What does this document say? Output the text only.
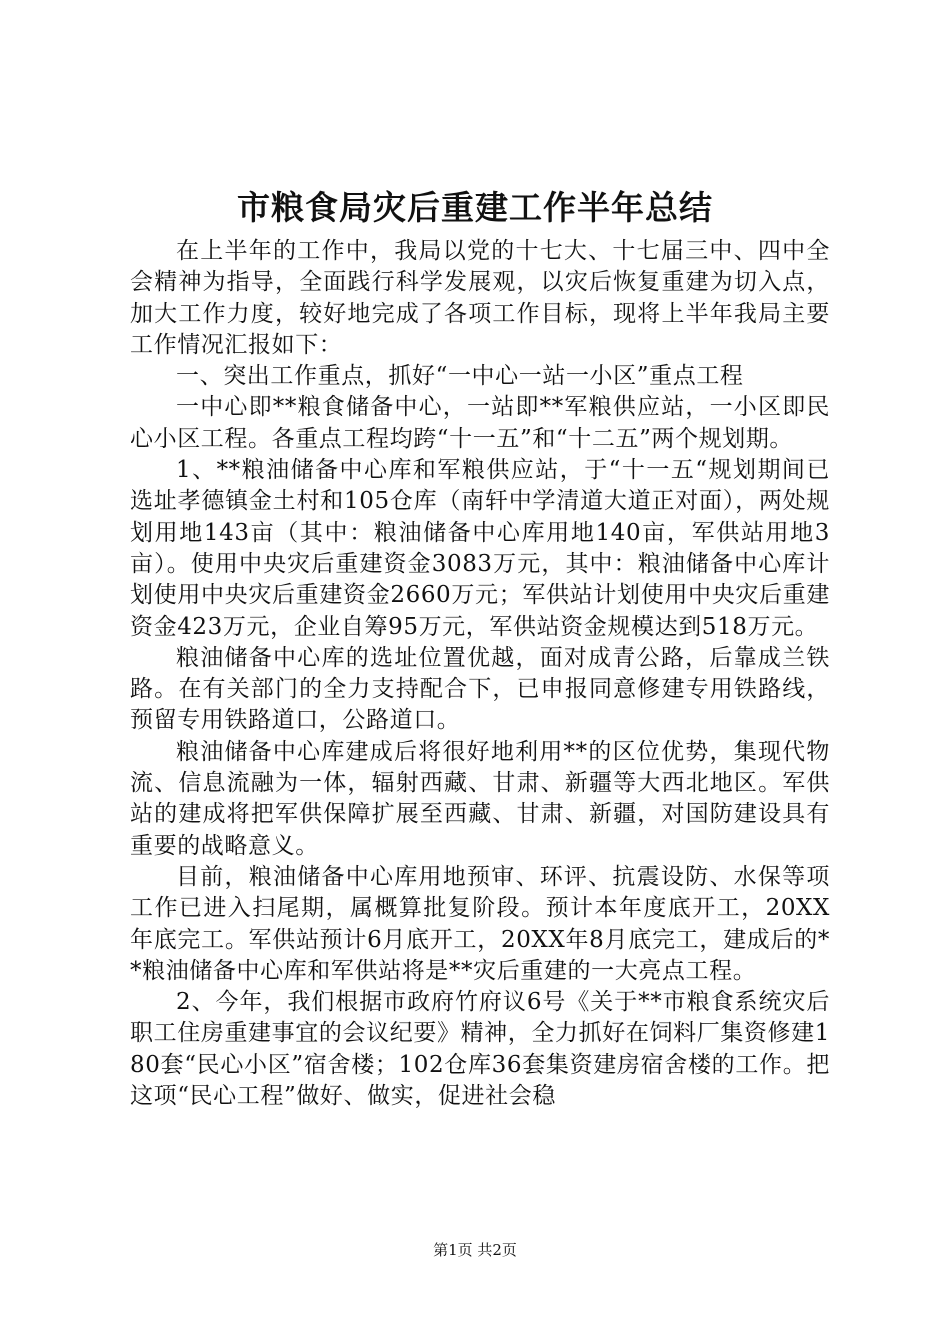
市粮食局灾后重建工作半年总结

在上半年的工作中，我局以党的十七大、十七届三中、四中全会精神为指导，全面践行科学发展观，以灾后恢复重建为切入点，加大工作力度，较好地完成了各项工作目标，现将上半年我局主要工作情况汇报如下：

一、突出工作重点，抓好“一中心一站一小区”重点工程

一中心即**粮食储备中心，一站即**军粮供应站，一小区即民心小区工程。各重点工程均跨“十一五”和“十二五”两个规划期。

1、**粮油储备中心库和军粮供应站，于“十一五“规划期间已选址孝德镇金土村和105仓库（南轩中学清道大道正对面），两处规划用地143亩（其中：粮油储备中心库用地140亩，军供站用地3亩）。使用中央灾后重建资金3083万元，其中：粮油储备中心库计划使用中央灾后重建资金2660万元；军供站计划使用中央灾后重建资金423万元，企业自筹95万元，军供站资金规模达到518万元。

粮油储备中心库的选址位置优越，面对成青公路，后靠成兰铁路。在有关部门的全力支持配合下，已申报同意修建专用铁路线，预留专用铁路道口，公路道口。

粮油储备中心库建成后将很好地利用**的区位优势，集现代物流、信息流融为一体，辐射西藏、甘肃、新疆等大西北地区。军供站的建成将把军供保障扩展至西藏、甘肃、新疆，对国防建设具有重要的战略意义。

目前，粮油储备中心库用地预审、环评、抗震设防、水保等项工作已进入扫尾期，属概算批复阶段。预计本年度底开工，20XX年底完工。军供站预计6月底开工，20XX年8月底完工，建成后的**粮油储备中心库和军供站将是**灾后重建的一大亮点工程。

2、今年，我们根据市政府竹府议6号《关于**市粮食系统灾后职工住房重建事宜的会议纪要》精神，全力抓好在饲料厂集资修建180套“民心小区”宿舍楼；102仓库36套集资建房宿舍楼的工作。把这项“民心工程”做好、做实，促进社会稳

第1页 共2页
